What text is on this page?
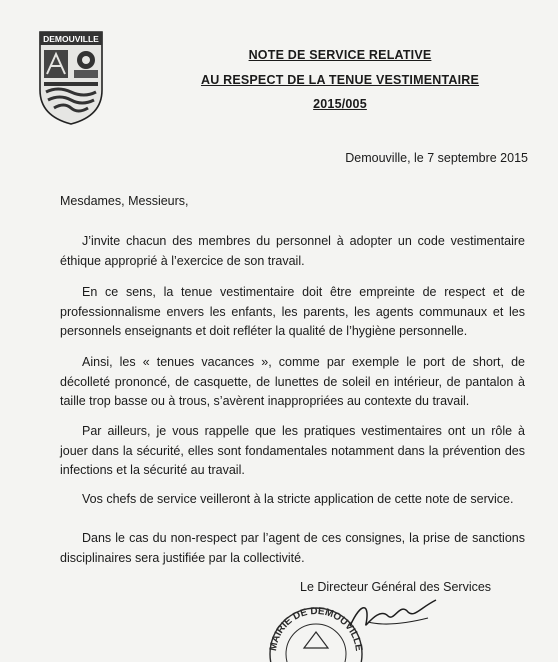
DEMOUVILLE
NOTE DE SERVICE RELATIVE
AU RESPECT DE LA TENUE VESTIMENTAIRE
2015/005
Demouville, le 7 septembre 2015
Mesdames, Messieurs,

J’invite chacun des membres du personnel à adopter un code vestimentaire éthique approprié à l’exercice de son travail.

En ce sens, la tenue vestimentaire doit être empreinte de respect et de professionnalisme envers les enfants, les parents, les agents communaux et les personnels enseignants et doit refléter la qualité de l’hygiène personnelle.

Ainsi, les « tenues vacances », comme par exemple le port de short, de décolleté prononcé, de casquette, de lunettes de soleil en intérieur, de pantalon à taille trop basse ou à trous, s’avèrent inappropriées au contexte du travail.

Par ailleurs, je vous rappelle que les pratiques vestimentaires ont un rôle à jouer dans la sécurité, elles sont fondamentales notamment dans la prévention des infections et la sécurité au travail.

Vos chefs de service veilleront à la stricte application de cette note de service.

Dans le cas du non-respect par l’agent de ces consignes, la prise de sanctions disciplinaires sera justifiée par la collectivité.

Le Directeur Général des Services
MAIRIE DE DEMOUVILLE
